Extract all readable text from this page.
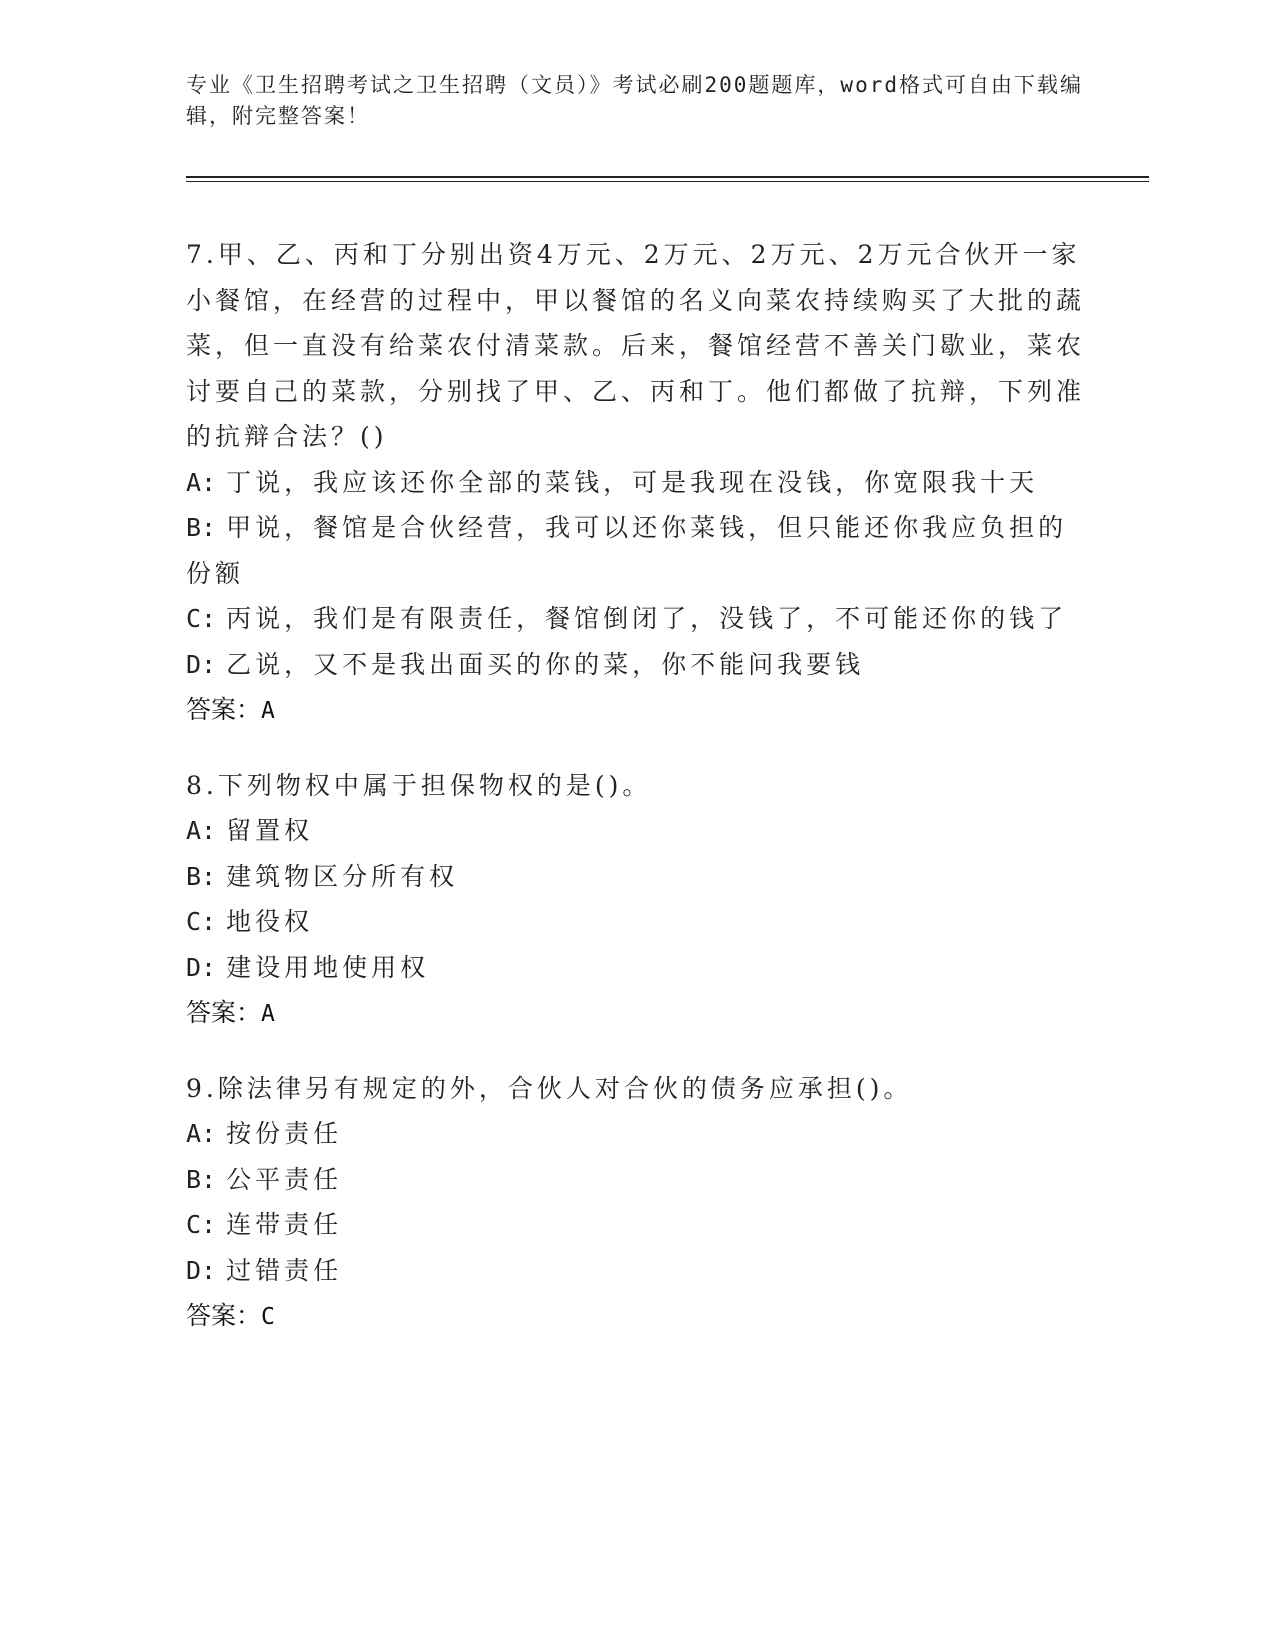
专业《卫生招聘考试之卫生招聘（文员）》考试必刷200题题库，word格式可自由下载编辑，附完整答案！
7.甲、乙、丙和丁分别出资4万元、2万元、2万元、2万元合伙开一家小餐馆，在经营的过程中，甲以餐馆的名义向菜农持续购买了大批的蔬菜，但一直没有给菜农付清菜款。后来，餐馆经营不善关门歇业，菜农讨要自己的菜款，分别找了甲、乙、丙和丁。他们都做了抗辩，下列准的抗辩合法？()
A: 丁说，我应该还你全部的菜钱，可是我现在没钱，你宽限我十天
B: 甲说，餐馆是合伙经营，我可以还你菜钱，但只能还你我应负担的份额
C: 丙说，我们是有限责任，餐馆倒闭了，没钱了，不可能还你的钱了
D: 乙说，又不是我出面买的你的菜，你不能问我要钱
答案：A
8.下列物权中属于担保物权的是()。
A: 留置权
B: 建筑物区分所有权
C: 地役权
D: 建设用地使用权
答案：A
9.除法律另有规定的外，合伙人对合伙的债务应承担()。
A: 按份责任
B: 公平责任
C: 连带责任
D: 过错责任
答案：C
